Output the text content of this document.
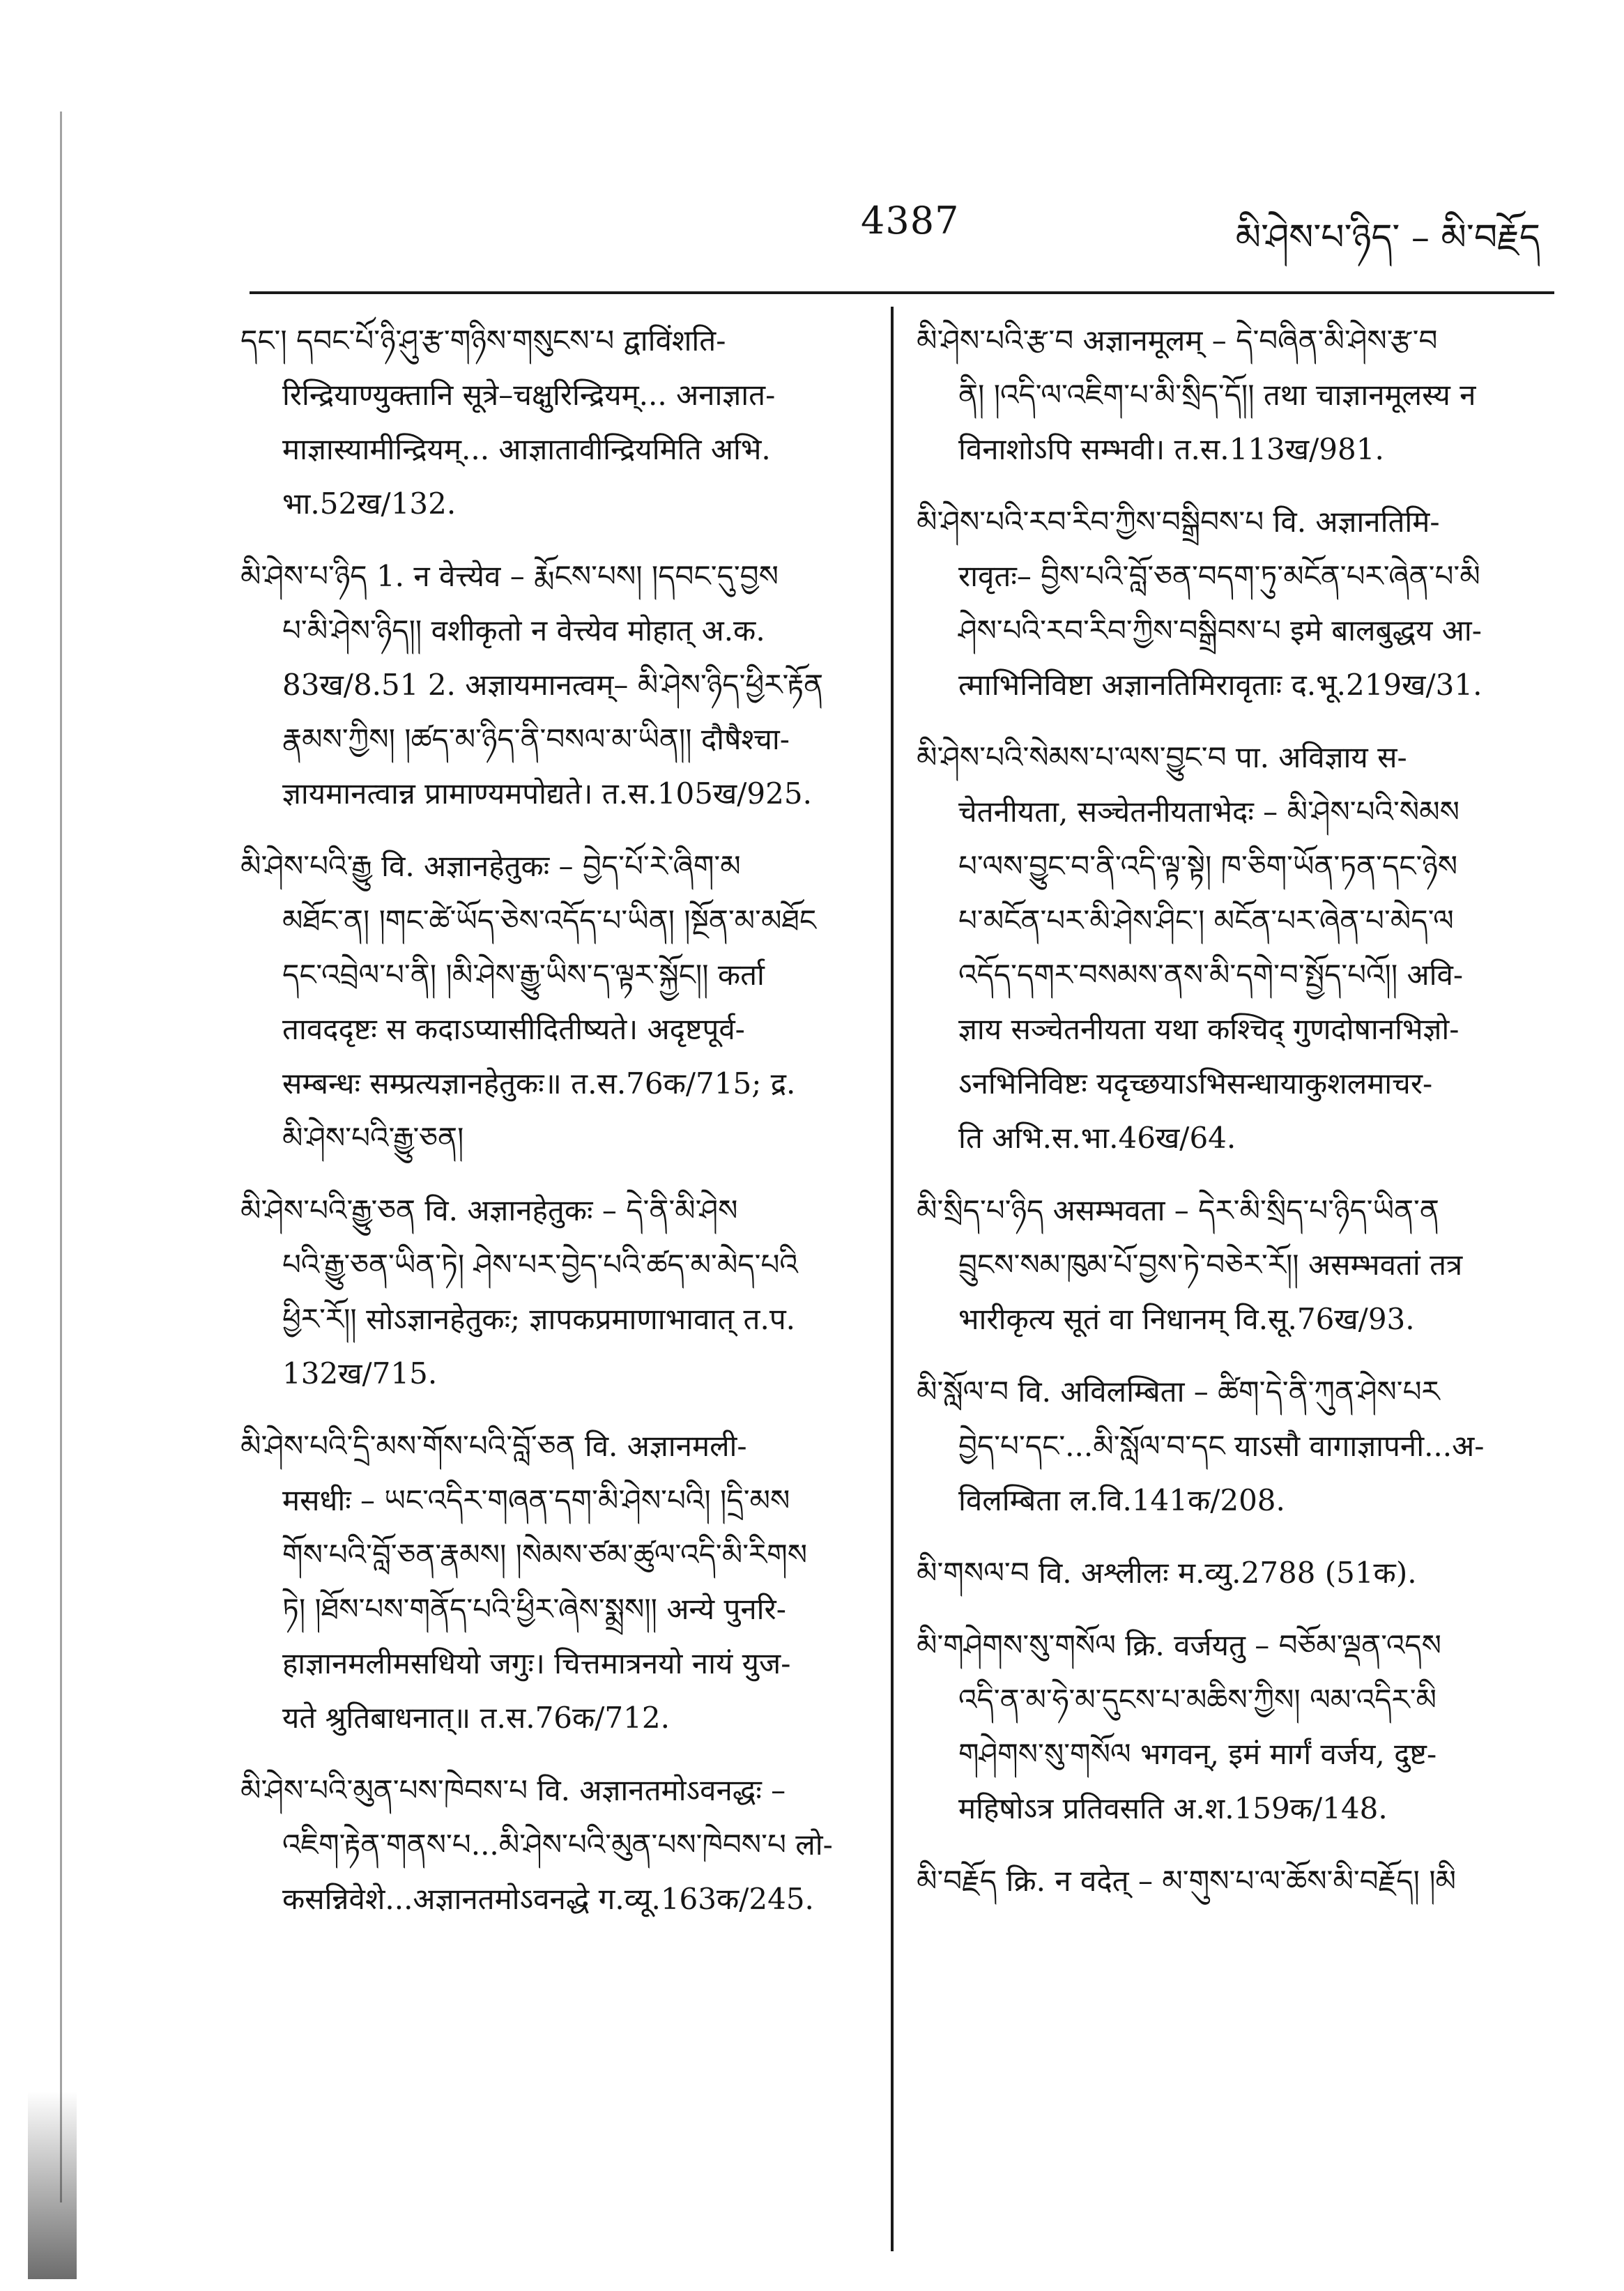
4387	མི་ཤེས་པ་ཉིད་ – མི་བརྗོད
དང་། དབང་པོ་ཉི་ཤུ་རྩ་གཉིས་གསུངས་པ द्वाविंशति-
रिन्द्रियाण्युक्तानि सूत्रे–चक्षुरिन्द्रियम्... अनाज्ञात-
माज्ञास्यामीन्द्रियम्... आज्ञातावीन्द्रियमिति अभि.
भा.52ख/132.
མི་ཤེས་པ་ཉིད 1. न वेत्त्येव – རྨོངས་པས། །དབང་དུ་བྱས
པ་མི་ཤེས་ཉིད།། वशीकृतो न वेत्त्येव मोहात् अ.क.
83ख/8.51 2. अज्ञायमानत्वम्– མི་ཤེས་ཉིད་ཕྱིར་རྟོན
རྣམས་ཀྱིས། །ཚད་མ་ཉིད་ནི་བསལ་མ་ཡིན།། दौषैश्चा-
ज्ञायमानत्वान्न प्रामाण्यमपोद्यते। त.स.105ख/925.
མི་ཤེས་པའི་རྒྱུ वि. अज्ञानहेतुकः – བྱེད་པོ་རེ་ཞིག་མ
མཐོང་ན། །གང་ཚེ་ཡོད་ཅེས་འདོད་པ་ཡིན། །སྔོན་མ་མཐོང
དང་འབྲེལ་པ་ནི། །མི་ཤེས་རྒྱུ་ཡིས་ད་ལྟར་སྐྱོང།། कर्ता
तावददृष्टः स कदाऽप्यासीदितीष्यते। अदृष्टपूर्व-
सम्बन्धः सम्प्रत्यज्ञानहेतुकः॥ त.स.76क/715; द्र.
མི་ཤེས་པའི་རྒྱུ་ཅན།
མི་ཤེས་པའི་རྒྱུ་ཅན वि. अज्ञानहेतुकः – དེ་ནི་མི་ཤེས
པའི་རྒྱུ་ཅན་ཡིན་ཏེ། ཤེས་པར་བྱེད་པའི་ཚད་མ་མེད་པའི
ཕྱིར་རོ།། सोऽज्ञानहेतुकः; ज्ञापकप्रमाणाभावात् त.प.
132ख/715.
མི་ཤེས་པའི་དྲི་མས་གོས་པའི་བློ་ཅན वि. अज्ञानमली-
मसधीः – ཡང་འདིར་གཞན་དག་མི་ཤེས་པའི། །དྲི་མས
གོས་པའི་བློ་ཅན་རྣམས། །སེམས་ཙམ་ཚུལ་འདི་མི་རིགས
ཏེ། །ཐོས་པས་གནོད་པའི་ཕྱིར་ཞེས་སྨྲས།། अन्ये पुनरि-
हाज्ञानमलीमसधियो जगुः। चित्तमात्रनयो नायं युज-
यते श्रुतिबाधनात्॥ त.स.76क/712.
མི་ཤེས་པའི་མུན་པས་ཁེབས་པ वि. अज्ञानतमोऽवनद्धः –
འཇིག་རྟེན་གནས་པ...མི་ཤེས་པའི་མུན་པས་ཁེབས་པ लो-
कसन्निवेशे...अज्ञानतमोऽवनद्धे ग.व्यू.163क/245.
མི་ཤེས་པའི་རྩ་བ अज्ञानमूलम् – དེ་བཞིན་མི་ཤེས་རྩ་བ
ནི། །འདི་ལ་འཇིག་པ་མི་སྲིད་དོ།། तथा चाज्ञानमूलस्य न
विनाशोऽपि सम्भवी। त.स.113ख/981.
མི་ཤེས་པའི་རབ་རིབ་ཀྱིས་བསྒྲིབས་པ वि. अज्ञानतिमि-
रावृतः– བྱིས་པའི་བློ་ཅན་བདག་ཏུ་མངོན་པར་ཞེན་པ་མི
ཤེས་པའི་རབ་རིབ་ཀྱིས་བསྒྲིབས་པ इमे बालबुद्धय आ-
त्माभिनिविष्टा अज्ञानतिमिरावृताः द.भू.219ख/31.
མི་ཤེས་པའི་སེམས་པ་ལས་བྱུང་བ पा. अविज्ञाय स-
चेतनीयता, सञ्चेतनीयताभेदः – མི་ཤེས་པའི་སེམས
པ་ལས་བྱུང་བ་ནི་འདི་ལྟ་སྟེ། ཁ་ཅིག་ཡོན་ཏན་དང་ཉེས
པ་མངོན་པར་མི་ཤེས་ཤིང་། མངོན་པར་ཞེན་པ་མེད་ལ
འདོད་དགར་བསམས་ནས་མི་དགེ་བ་སྤྱོད་པའོ།། अवि-
ज्ञाय सञ्चेतनीयता यथा कश्चिद् गुणदोषानभिज्ञो-
ऽनभिनिविष्टः यदृच्छयाऽभिसन्धायाकुशलमाचर-
ति अभि.स.भा.46ख/64.
མི་སྲིད་པ་ཉིད असम्भवता – དེར་མི་སྲིད་པ་ཉིད་ཡིན་ན
བྲུངས་སམ་ཁུམ་པོ་བྱས་ཏེ་བཅེར་རོ།། असम्भवतां तत्र
भारीकृत्य सूतं वा निधानम् वि.सू.76ख/93.
མི་སློལ་བ वि. अविलम्बिता – ཚིག་དེ་ནི་ཀུན་ཤེས་པར
བྱེད་པ་དང་...མི་སློལ་བ་དང याऽसौ वागाज्ञापनी...अ-
विलम्बिता ल.वि.141क/208.
མི་གསལ་བ वि. अश्लीलः म.व्यु.2788 (51क).
མི་གཤེགས་སུ་གསོལ क्रि. वर्जयतु – བཅོམ་ལྡན་འདས
འདི་ན་མ་ཧེ་མ་དུངས་པ་མཆིས་ཀྱིས། ལམ་འདིར་མི
གཤེགས་སུ་གསོལ भगवन्, इमं मार्गं वर्जय, दुष्ट-
महिषोऽत्र प्रतिवसति अ.श.159क/148.
མི་བརྗོད क्रि. न वदेत् – མ་གུས་པ་ལ་ཆོས་མི་བརྗོད། །མི
